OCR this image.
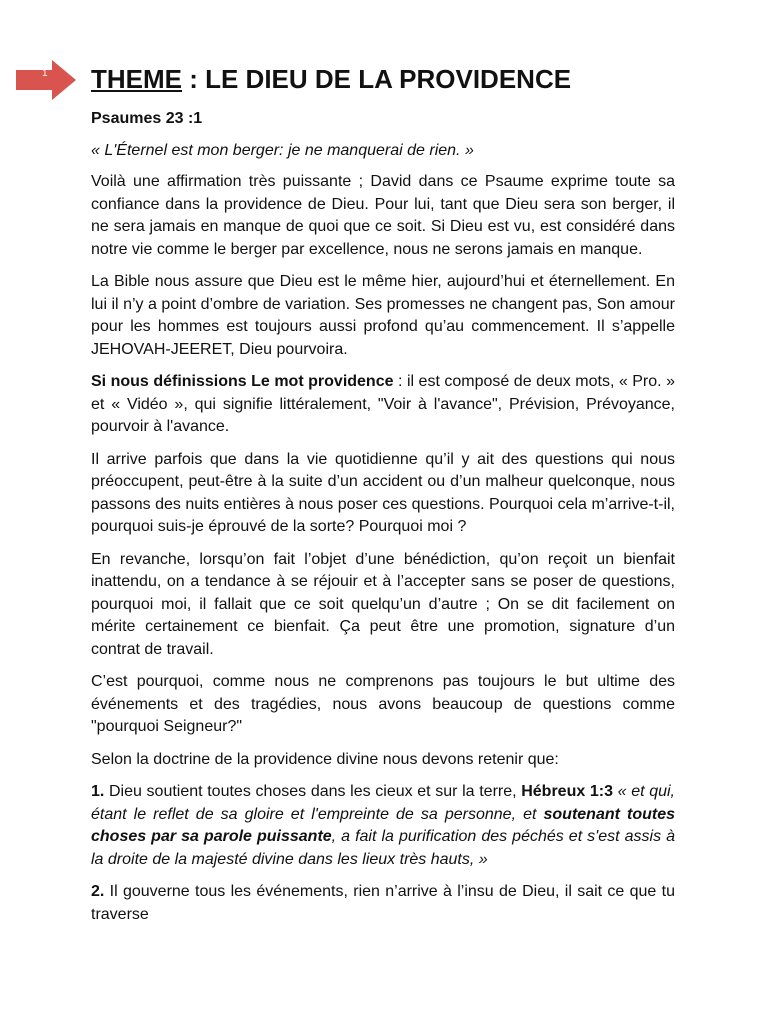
1 THEME : LE DIEU DE LA PROVIDENCE

Psaumes 23 :1

« L'Éternel est mon berger: je ne manquerai de rien. »

Voilà une affirmation très puissante ; David dans ce Psaume exprime toute sa confiance dans la providence de Dieu. Pour lui, tant que Dieu sera son berger, il ne sera jamais en manque de quoi que ce soit. Si Dieu est vu, est considéré dans notre vie comme le berger par excellence, nous ne serons jamais en manque.

La Bible nous assure que Dieu est le même hier, aujourd’hui et éternellement. En lui il n’y a point d’ombre de variation. Ses promesses ne changent pas, Son amour pour les hommes est toujours aussi profond qu’au commencement. Il s’appelle JEHOVAH-JEERET, Dieu pourvoira.

Si nous définissions Le mot providence : il est composé de deux mots, « Pro. » et « Vidéo », qui signifie littéralement, "Voir à l'avance", Prévision, Prévoyance, pourvoir à l'avance.

Il arrive parfois que dans la vie quotidienne qu’il y ait des questions qui nous préoccupent, peut-être à la suite d’un accident ou d’un malheur quelconque, nous passons des nuits entières à nous poser ces questions. Pourquoi cela m’arrive-t-il, pourquoi suis-je éprouvé de la sorte? Pourquoi moi ?

En revanche, lorsqu’on fait l’objet d’une bénédiction, qu’on reçoit un bienfait inattendu, on a tendance à se réjouir et à l’accepter sans se poser de questions, pourquoi moi, il fallait que ce soit quelqu’un d’autre ; On se dit facilement on mérite certainement ce bienfait. Ça peut être une promotion, signature d’un contrat de travail.

C’est pourquoi, comme nous ne comprenons pas toujours le but ultime des événements et des tragédies, nous avons beaucoup de questions comme "pourquoi Seigneur?"

Selon la doctrine de la providence divine nous devons retenir que:

1. Dieu soutient toutes choses dans les cieux et sur la terre, Hébreux 1:3 « et qui, étant le reflet de sa gloire et l'empreinte de sa personne, et soutenant toutes choses par sa parole puissante, a fait la purification des péchés et s'est assis à la droite de la majesté divine dans les lieux très hauts, »

2. Il gouverne tous les événements, rien n’arrive à l’insu de Dieu, il sait ce que tu traverse
